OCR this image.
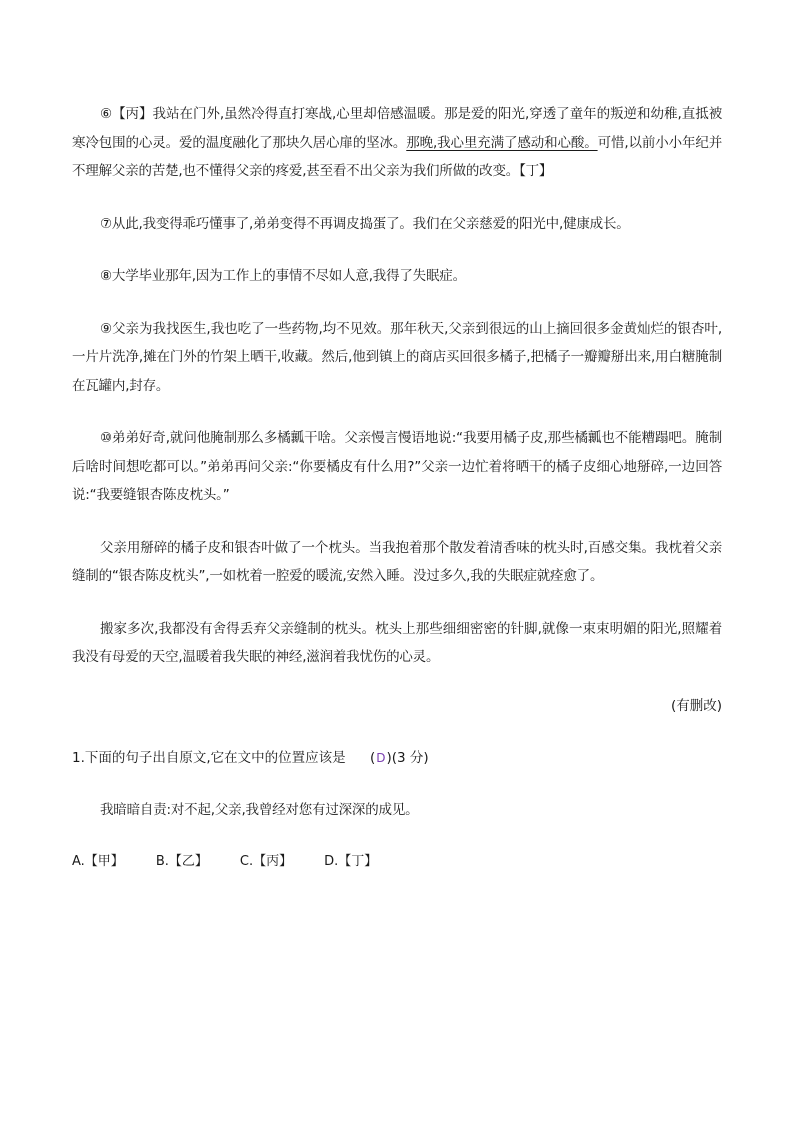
⑥【丙】我站在门外,虽然冷得直打寒战,心里却倍感温暖。那是爱的阳光,穿透了童年的叛逆和幼稚,直抵被寒冷包围的心灵。爱的温度融化了那块久居心扉的坚冰。那晚,我心里充满了感动和心酸。可惜,以前小小年纪并不理解父亲的苦楚,也不懂得父亲的疼爱,甚至看不出父亲为我们所做的改变。【丁】

⑦从此,我变得乖巧懂事了,弟弟变得不再调皮捣蛋了。我们在父亲慈爱的阳光中,健康成长。

⑧大学毕业那年,因为工作上的事情不尽如人意,我得了失眠症。

⑨父亲为我找医生,我也吃了一些药物,均不见效。那年秋天,父亲到很远的山上摘回很多金黄灿烂的银杏叶,一片片洗净,摊在门外的竹架上晒干,收藏。然后,他到镇上的商店买回很多橘子,把橘子一瓣瓣掰出来,用白糖腌制在瓦罐内,封存。

⑩弟弟好奇,就问他腌制那么多橘瓤干啥。父亲慢言慢语地说:“我要用橘子皮,那些橘瓤也不能糟蹋吧。腌制后啥时间想吃都可以。”弟弟再问父亲:“你要橘皮有什么用?”父亲一边忙着将晒干的橘子皮细心地掰碎,一边回答说:“我要缝银杏陈皮枕头。”

父亲用掰碎的橘子皮和银杏叶做了一个枕头。当我抱着那个散发着清香味的枕头时,百感交集。我枕着父亲缝制的“银杏陈皮枕头”,一如枕着一腔爱的暖流,安然入睡。没过多久,我的失眠症就痊愈了。

搬家多次,我都没有舍得丢弃父亲缝制的枕头。枕头上那些细细密密的针脚,就像一束束明媚的阳光,照耀着我没有母爱的天空,温暖着我失眠的神经,滋润着我忧伤的心灵。

(有删改)
1.下面的句子出自原文,它在文中的位置应该是 (D)(3 分)

我暗暗自责:对不起,父亲,我曾经对您有过深深的成见。

A.【甲】 B.【乙】 C.【丙】 D.【丁】
